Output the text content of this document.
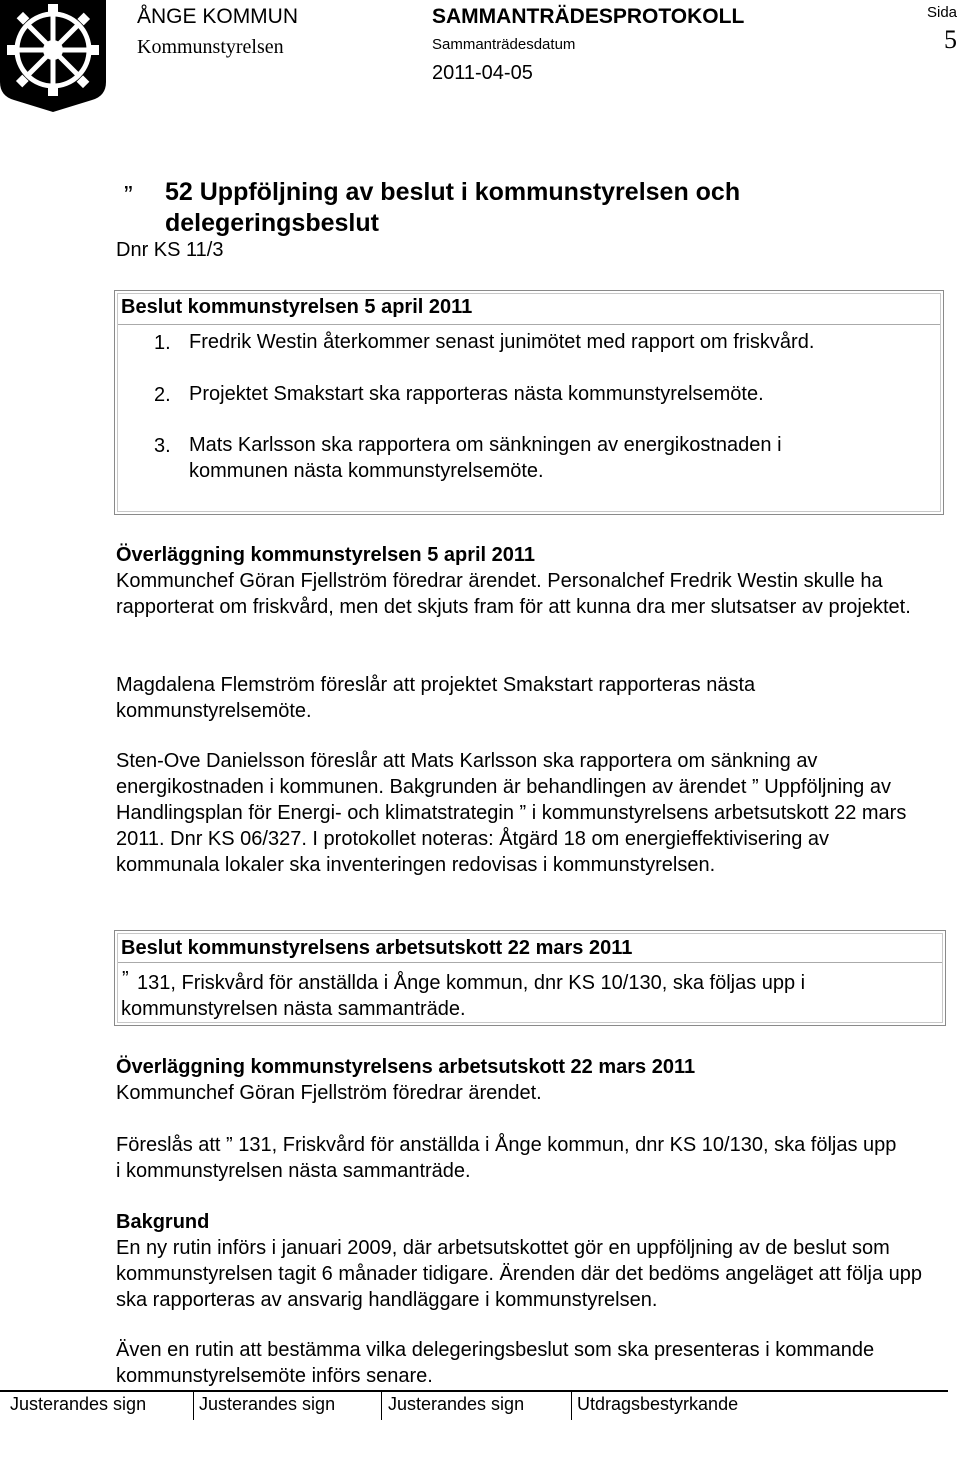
ÅNGE KOMMUN
Kommunstyrelsen
SAMMANTRÄDESPROTOKOLL
Sammanträdesdatum
2011-04-05
Sida
5
” 52 Uppföljning av beslut i kommunstyrelsen och delegeringsbeslut
Dnr KS 11/3
Beslut kommunstyrelsen 5 april 2011
1. Fredrik Westin återkommer senast junimötet med rapport om friskvård.
2. Projektet Smakstart ska rapporteras nästa kommunstyrelsemöte.
3. Mats Karlsson ska rapportera om sänkningen av energikostnaden i kommunen nästa kommunstyrelsemöte.
Överläggning kommunstyrelsen 5 april 2011
Kommunchef Göran Fjellström föredrar ärendet. Personalchef Fredrik Westin skulle ha rapporterat om friskvård, men det skjuts fram för att kunna dra mer slutsatser av projektet.
Magdalena Flemström föreslår att projektet Smakstart rapporteras nästa kommunstyrelsemöte.
Sten-Ove Danielsson föreslår att Mats Karlsson ska rapportera om sänkning av energikostnaden i kommunen. Bakgrunden är behandlingen av ärendet ” Uppföljning av Handlingsplan för Energi- och klimatstrategin ” i kommunstyrelsens arbetsutskott 22 mars 2011. Dnr KS 06/327. I protokollet noteras: Åtgärd 18 om energieffektivisering av kommunala lokaler ska inventeringen redovisas i kommunstyrelsen.
Beslut kommunstyrelsens arbetsutskott 22 mars 2011
” 131, Friskvård för anställda i Ånge kommun, dnr KS 10/130, ska följas upp i kommunstyrelsen nästa sammanträde.
Överläggning kommunstyrelsens arbetsutskott 22 mars 2011
Kommunchef Göran Fjellström föredrar ärendet.
Föreslås att ” 131, Friskvård för anställda i Ånge kommun, dnr KS 10/130, ska följas upp i kommunstyrelsen nästa sammanträde.
Bakgrund
En ny rutin införs i januari 2009, där arbetsutskottet gör en uppföljning av de beslut som kommunstyrelsen tagit 6 månader tidigare. Ärenden där det bedöms angeläget att följa upp ska rapporteras av ansvarig handläggare i kommunstyrelsen.
Även en rutin att bestämma vilka delegeringsbeslut som ska presenteras i kommande kommunstyrelsemöte införs senare.
Justerandes sign	Justerandes sign	Justerandes sign	Utdragsbestyrkande
